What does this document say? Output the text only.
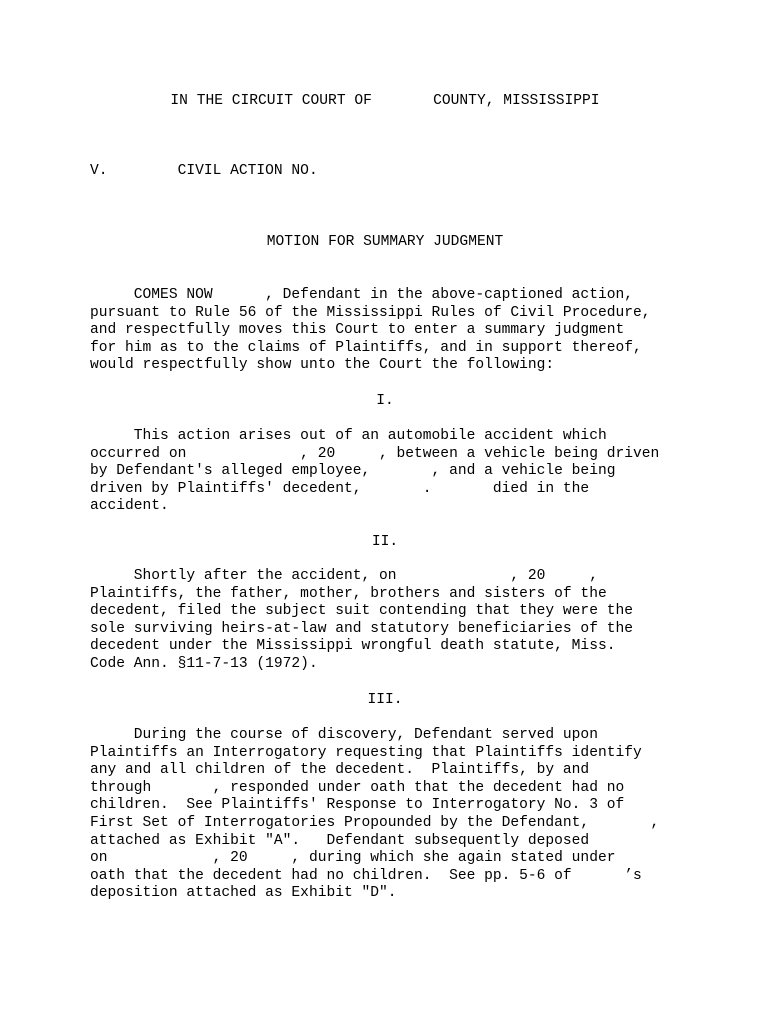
IN THE CIRCUIT COURT OF       COUNTY, MISSISSIPPI
V.        CIVIL ACTION NO.
MOTION FOR SUMMARY JUDGMENT
COMES NOW      , Defendant in the above-captioned action,
pursuant to Rule 56 of the Mississippi Rules of Civil Procedure,
and respectfully moves this Court to enter a summary judgment
for him as to the claims of Plaintiffs, and in support thereof,
would respectfully show unto the Court the following:
I.
This action arises out of an automobile accident which
occurred on             , 20     , between a vehicle being driven
by Defendant's alleged employee,       , and a vehicle being
driven by Plaintiffs' decedent,       .       died in the
accident.
II.
Shortly after the accident, on             , 20     ,
Plaintiffs, the father, mother, brothers and sisters of the
decedent, filed the subject suit contending that they were the
sole surviving heirs-at-law and statutory beneficiaries of the
decedent under the Mississippi wrongful death statute, Miss.
Code Ann. §11-7-13 (1972).
III.
During the course of discovery, Defendant served upon
Plaintiffs an Interrogatory requesting that Plaintiffs identify
any and all children of the decedent.  Plaintiffs, by and
through       , responded under oath that the decedent had no
children.  See Plaintiffs' Response to Interrogatory No. 3 of
First Set of Interrogatories Propounded by the Defendant,       ,
attached as Exhibit "A".   Defendant subsequently deposed
on            , 20     , during which she again stated under
oath that the decedent had no children.  See pp. 5-6 of      ’s
deposition attached as Exhibit "D".
